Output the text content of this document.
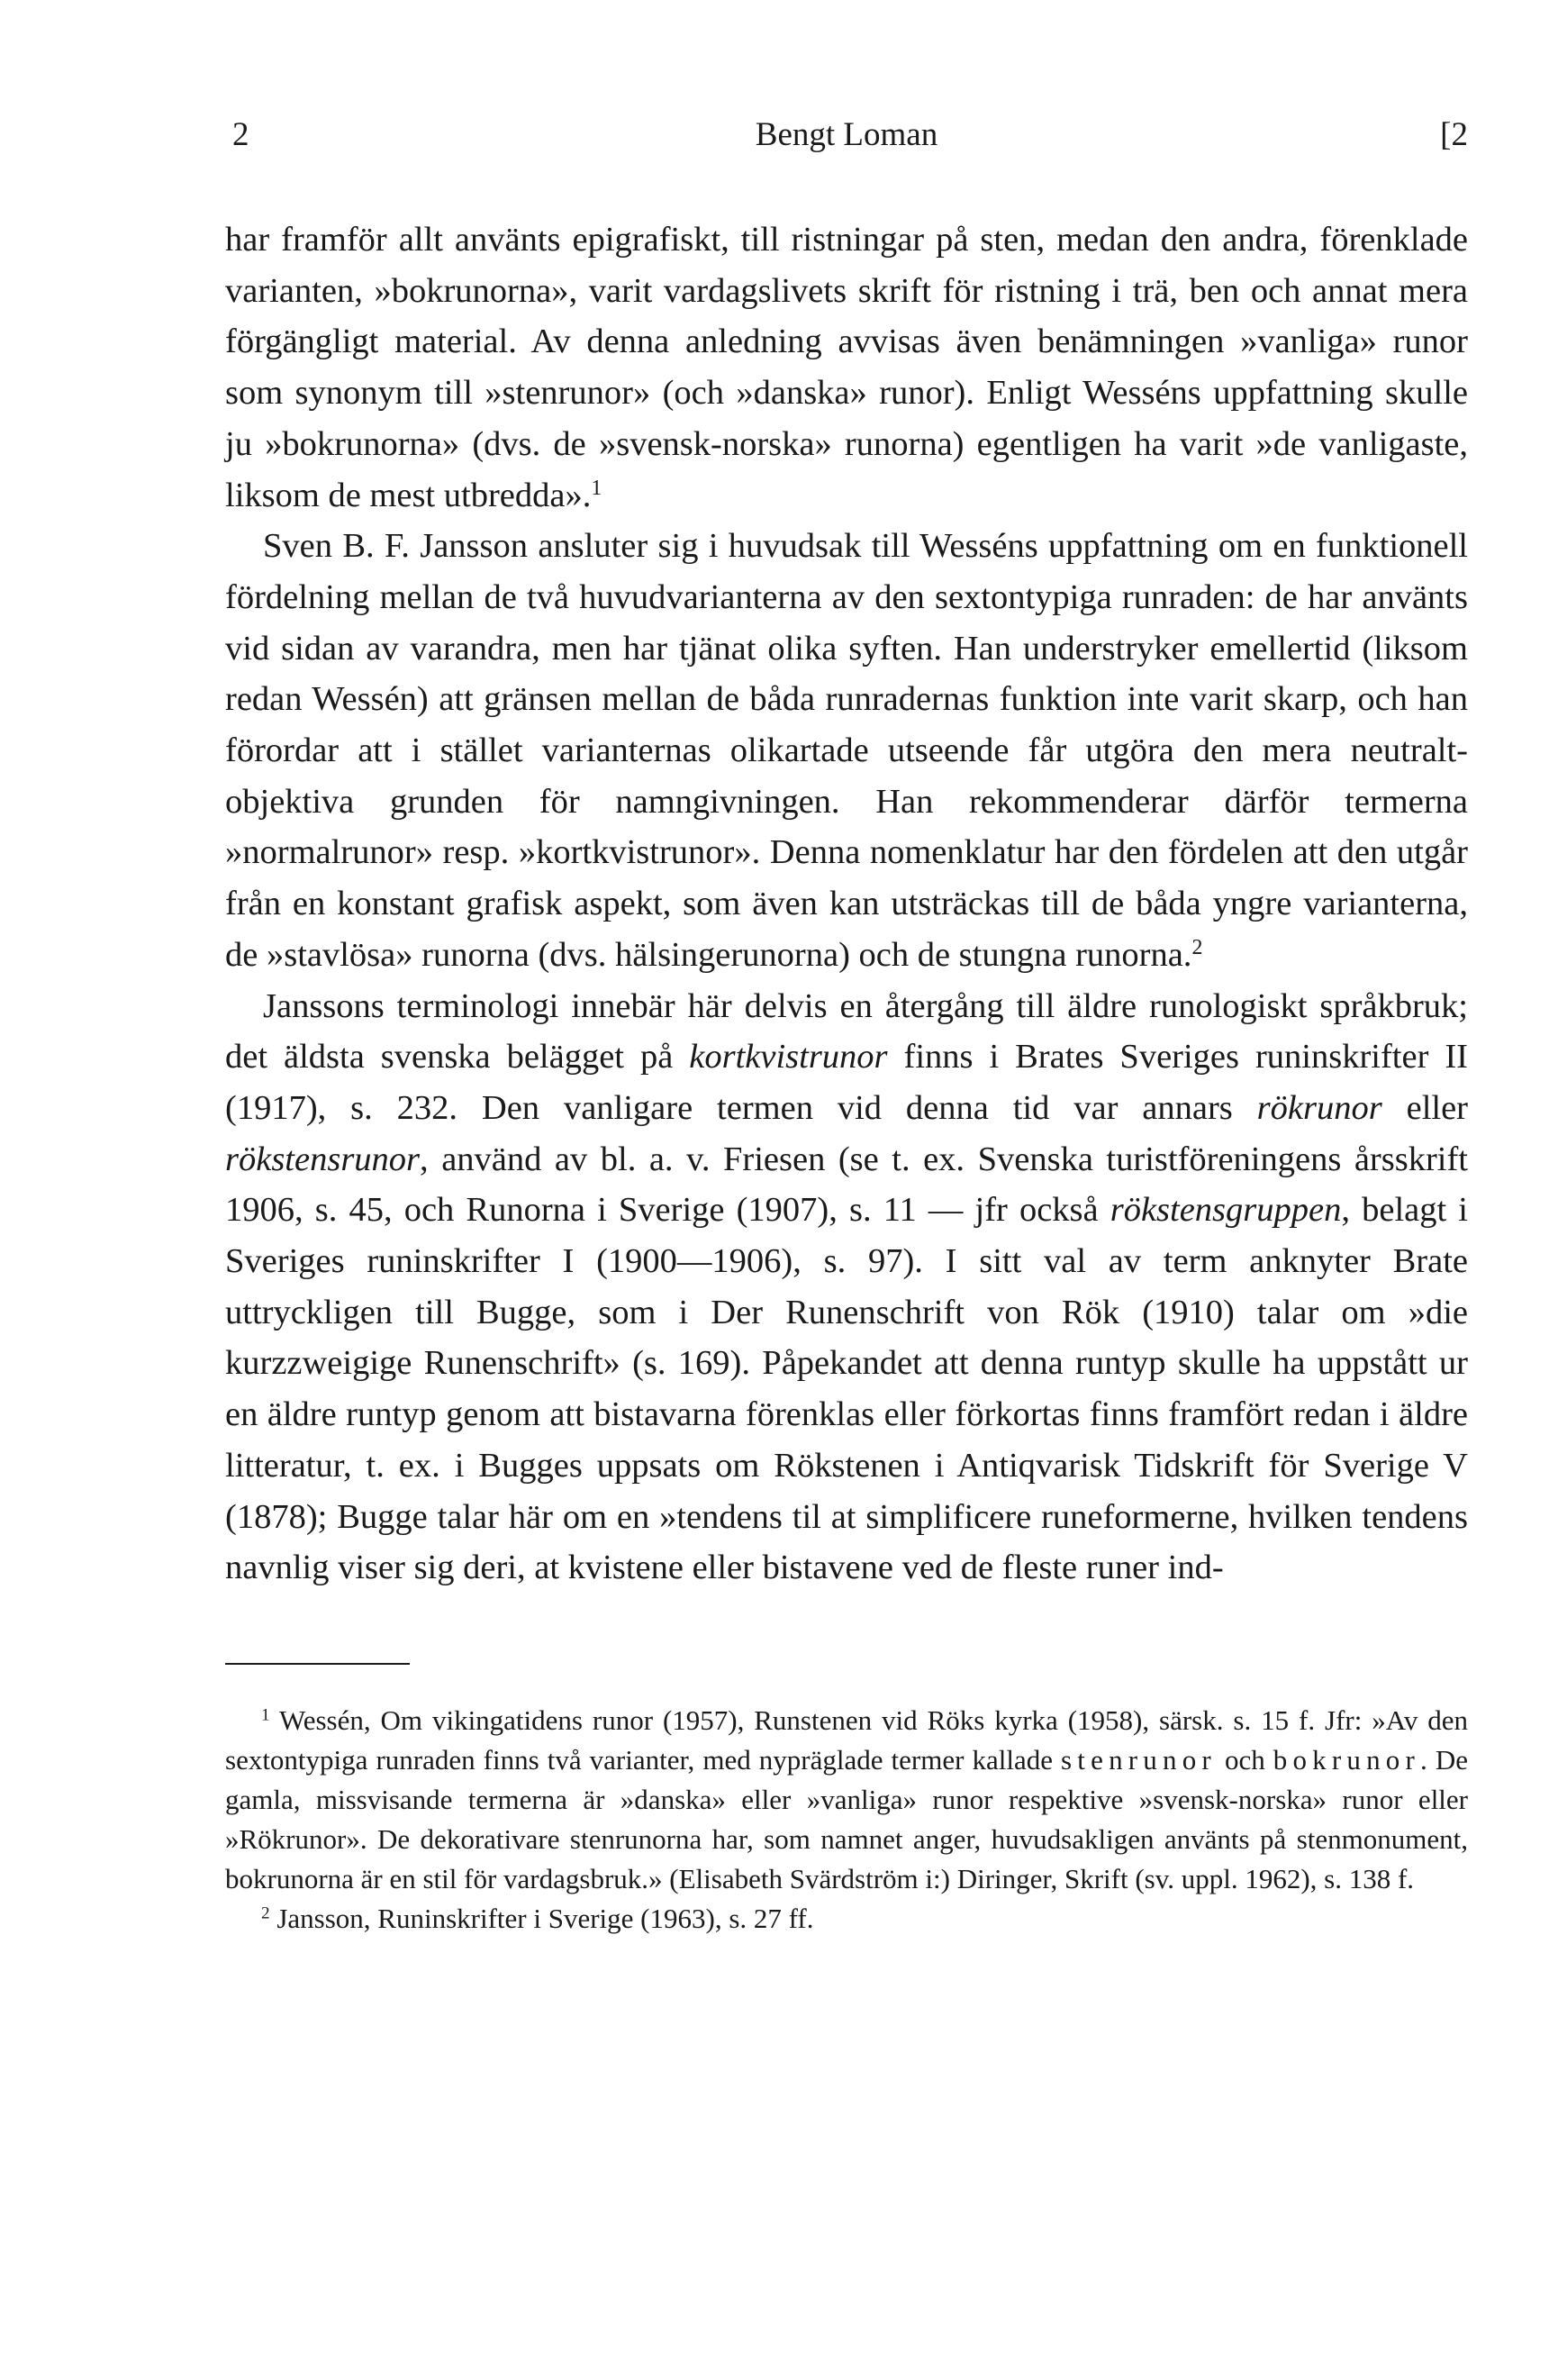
2	Bengt Loman	[2

har framför allt använts epigrafiskt, till ristningar på sten, medan den andra, förenklade varianten, »bokrunorna», varit vardagslivets skrift för ristning i trä, ben och annat mera förgängligt material. Av denna anledning avvisas även benämningen »vanliga» runor som synonym till »stenrunor» (och »danska» runor). Enligt Wesséns uppfattning skulle ju »bokrunorna» (dvs. de »svensk-norska» runorna) egentligen ha varit »de vanligaste, liksom de mest utbredda».$^1$

Sven B. F. Jansson ansluter sig i huvudsak till Wesséns uppfattning om en funktionell fördelning mellan de två huvudvarianterna av den sextontypiga runraden: de har använts vid sidan av varandra, men har tjänat olika syften. Han understryker emellertid (liksom redan Wessén) att gränsen mellan de båda runradernas funktion inte varit skarp, och han förordar att i stället varianternas olikartade utseende får utgöra den mera neutralt-objektiva grunden för namngivningen. Han rekommenderar därför termerna »normalrunor» resp. »kortkvistrunor». Denna nomenklatur har den fördelen att den utgår från en konstant grafisk aspekt, som även kan utsträckas till de båda yngre varianterna, de »stavlösa» runorna (dvs. hälsingerunorna) och de stungna runorna.$^2$

Janssons terminologi innebär här delvis en återgång till äldre runologiskt språkbruk; det äldsta svenska belägget på kortkvistrunor finns i Brates Sveriges runinskrifter II (1917), s. 232. Den vanligare termen vid denna tid var annars rökrunor eller rökstensrunor, använd av bl. a. v. Friesen (se t. ex. Svenska turistföreningens årsskrift 1906, s. 45, och Runorna i Sverige (1907), s. 11 — jfr också rökstensgruppen, belagt i Sveriges runinskrifter I (1900—1906), s. 97). I sitt val av term anknyter Brate uttryckligen till Bugge, som i Der Runenschrift von Rök (1910) talar om »die kurzzweigige Runenschrift» (s. 169). Påpekandet att denna runtyp skulle ha uppstått ur en äldre runtyp genom att bistavarna förenklas eller förkortas finns framfört redan i äldre litteratur, t. ex. i Bugges uppsats om Rökstenen i Antiqvarisk Tidskrift för Sverige V (1878); Bugge talar här om en »tendens til at simplificere runeformerne, hvilken tendens navnlig viser sig deri, at kvistene eller bistavene ved de fleste runer ind-

$^1$ Wessén, Om vikingatidens runor (1957), Runstenen vid Röks kyrka (1958), särsk. s. 15 f. Jfr: »Av den sextontypiga runraden finns två varianter, med nypräglade termer kallade stenrunor och bokrunor. De gamla, missvisande termerna är »danska» eller »vanliga» runor respektive »svensk-norska» runor eller »Rökrunor». De dekorativare stenrunorna har, som namnet anger, huvudsakligen använts på stenmonument, bokrunorna är en stil för vardagsbruk.» (Elisabeth Svärdström i:) Diringer, Skrift (sv. uppl. 1962), s. 138 f.

$^2$ Jansson, Runinskrifter i Sverige (1963), s. 27 ff.
